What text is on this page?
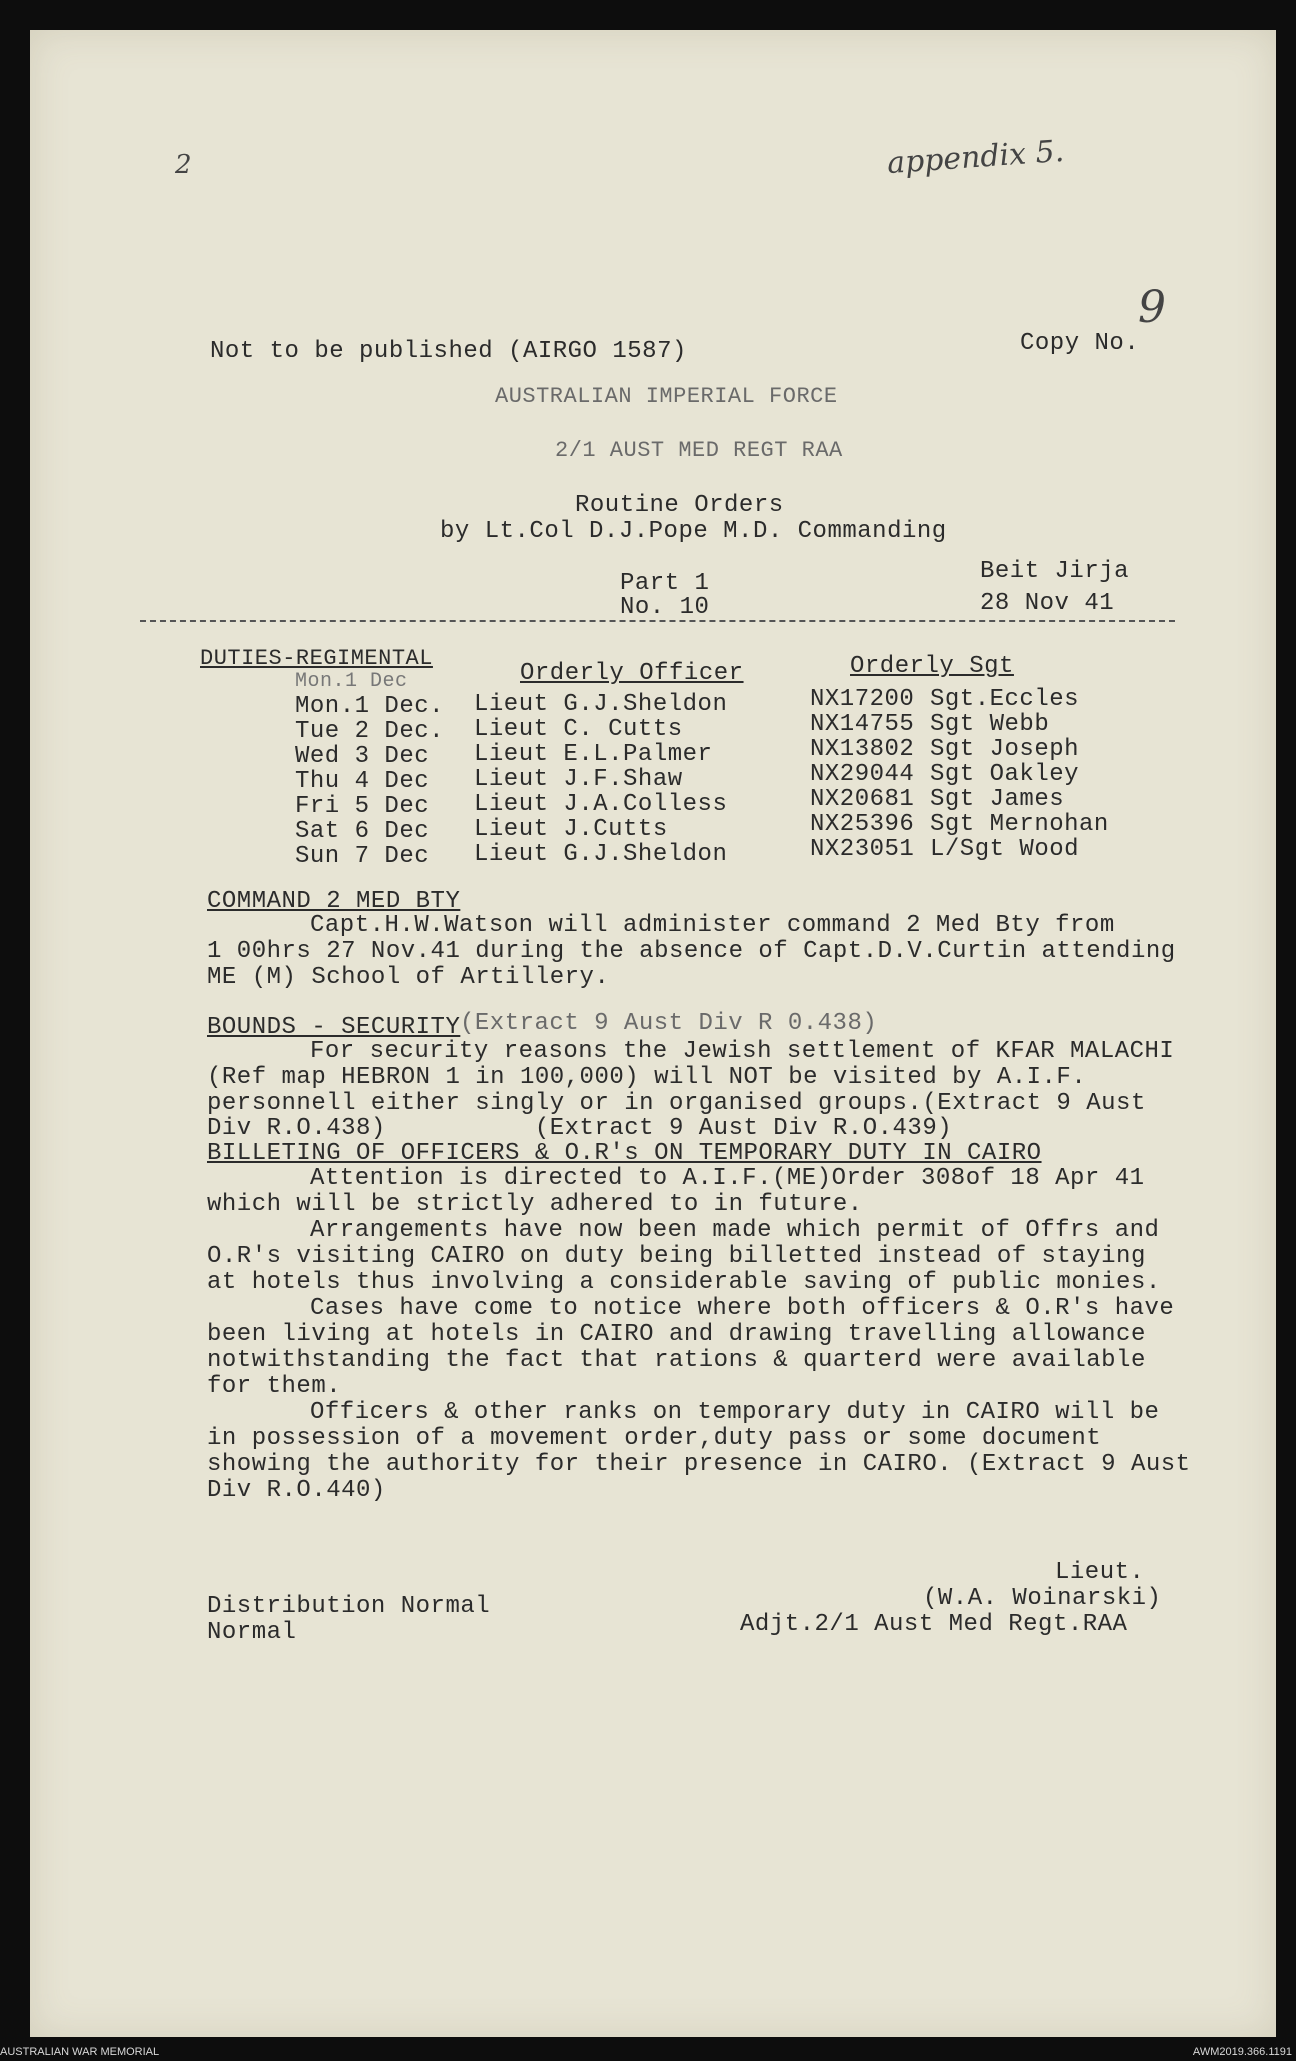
appendix 5.
2
9
Not to be published (AIRGO 1587)	Copy No.
AUSTRALIAN IMPERIAL FORCE
2/1 AUST MED REGT RAA
Routine Orders
by Lt.Col D.J.Pope M.D. Commanding
Part 1	Beit Jirja
No. 10	28 Nov 41
DUTIES-REGIMENTAL
Mon.1 Dec	Orderly Officer	Orderly Sgt
Mon.1 Dec. Lieut G.J.Sheldon	NX17200 Sgt.Eccles
Tue 2 Dec. Lieut C. Cutts	NX14755 Sgt Webb
Wed 3 Dec Lieut E.L.Palmer	NX13802 Sgt Joseph
Thu 4 Dec Lieut J.F.Shaw	NX29044 Sgt Oakley
Fri 5 Dec Lieut J.A.Colless	NX20681 Sgt James
Sat 6 Dec Lieut J.Cutts	NX25396 Sgt Mernohan
Sun 7 Dec Lieut G.J.Sheldon	NX23051 L/Sgt Wood
COMMAND 2 MED BTY
Capt.H.W.Watson will administer command 2 Med Bty from
1 00hrs 27 Nov.41 during the absence of Capt.D.V.Curtin attending
ME (M) School of Artillery.
BOUNDS - SECURITY (Extract 9 Aust Div R 0.438)
For security reasons the Jewish settlement of KFAR MALACHI
(Ref map HEBRON 1 in 100,000) will NOT be visited by A.I.F.
personnell either singly or in organised groups.(Extract 9 Aust
Div R.O.438)          (Extract 9 Aust Div R.O.439)
BILLETING OF OFFICERS & O.R's ON TEMPORARY DUTY IN CAIRO
Attention is directed to A.I.F.(ME)Order 308of 18 Apr 41
which will be strictly adhered to in future.
Arrangements have now been made which permit of Offrs and
O.R's visiting CAIRO on duty being billetted instead of staying
at hotels thus involving a considerable saving of public monies.
Cases have come to notice where both officers & O.R's have
been living at hotels in CAIRO and drawing travelling allowance
notwithstanding the fact that rations & quarterd were available
for them.
Officers & other ranks on temporary duty in CAIRO will be
in possession of a movement order,duty pass or some document
showing the authority for their presence in CAIRO. (Extract 9 Aust
Div R.O.440)
Lieut.
(W.A. Woinarski)
Adjt.2/1 Aust Med Regt.RAA
Distribution Normal
Normal
AUSTRALIAN WAR MEMORIAL	AWM2019.366.1191
